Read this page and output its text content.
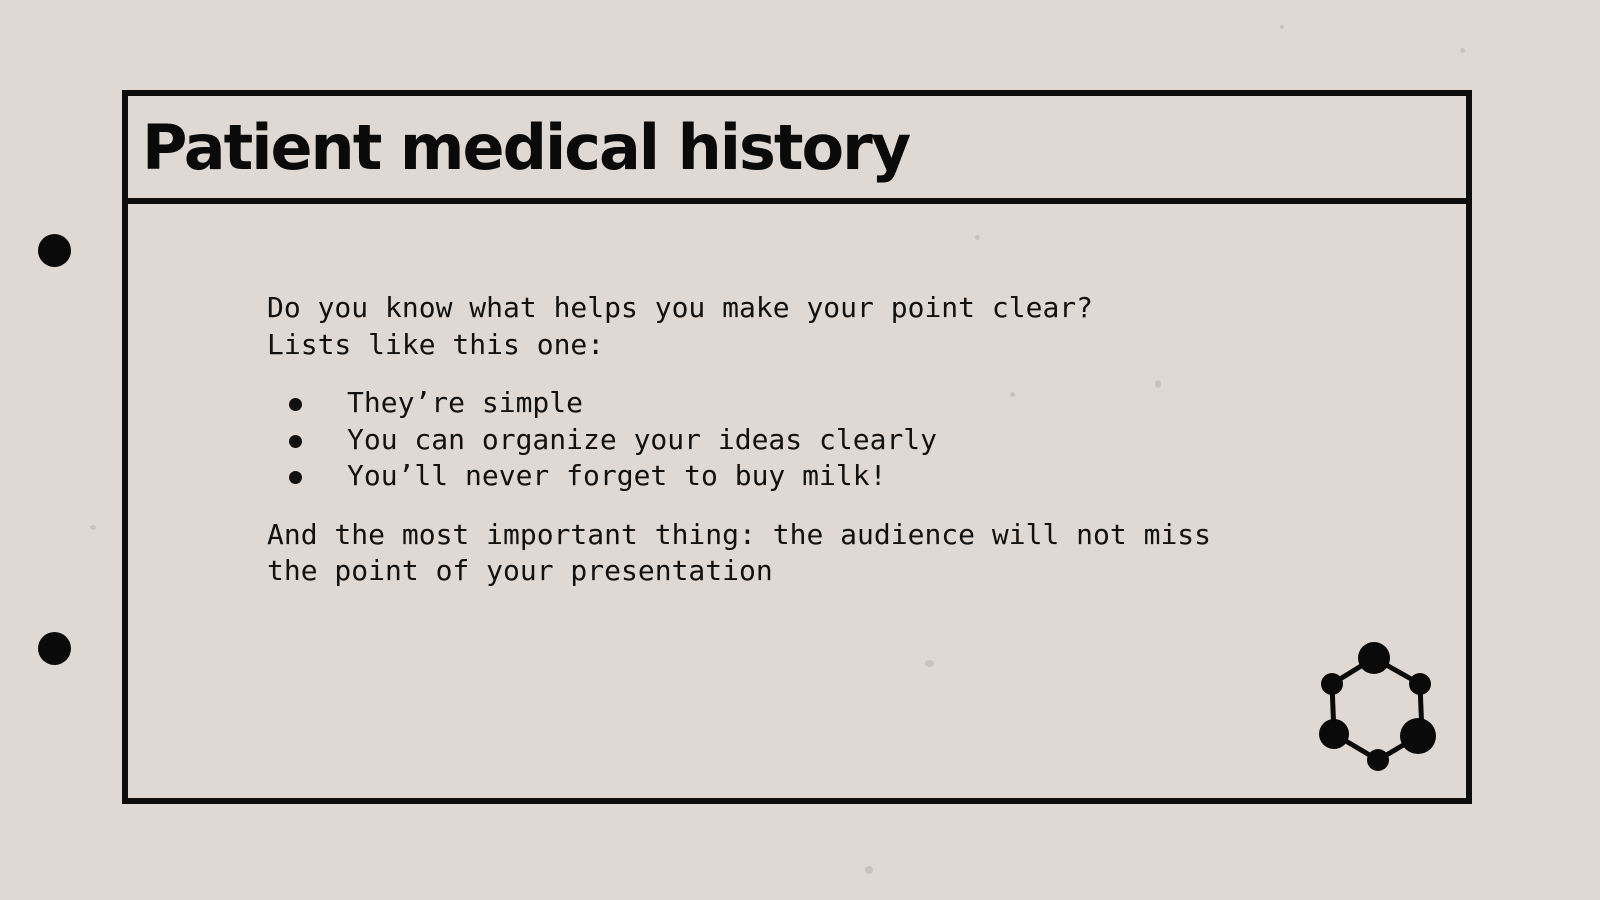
Patient medical history

Do you know what helps you make your point clear?

Lists like this one:

They’re simple
You can organize your ideas clearly
You’ll never forget to buy milk!

And the most important thing: the audience will not miss

the point of your presentation
